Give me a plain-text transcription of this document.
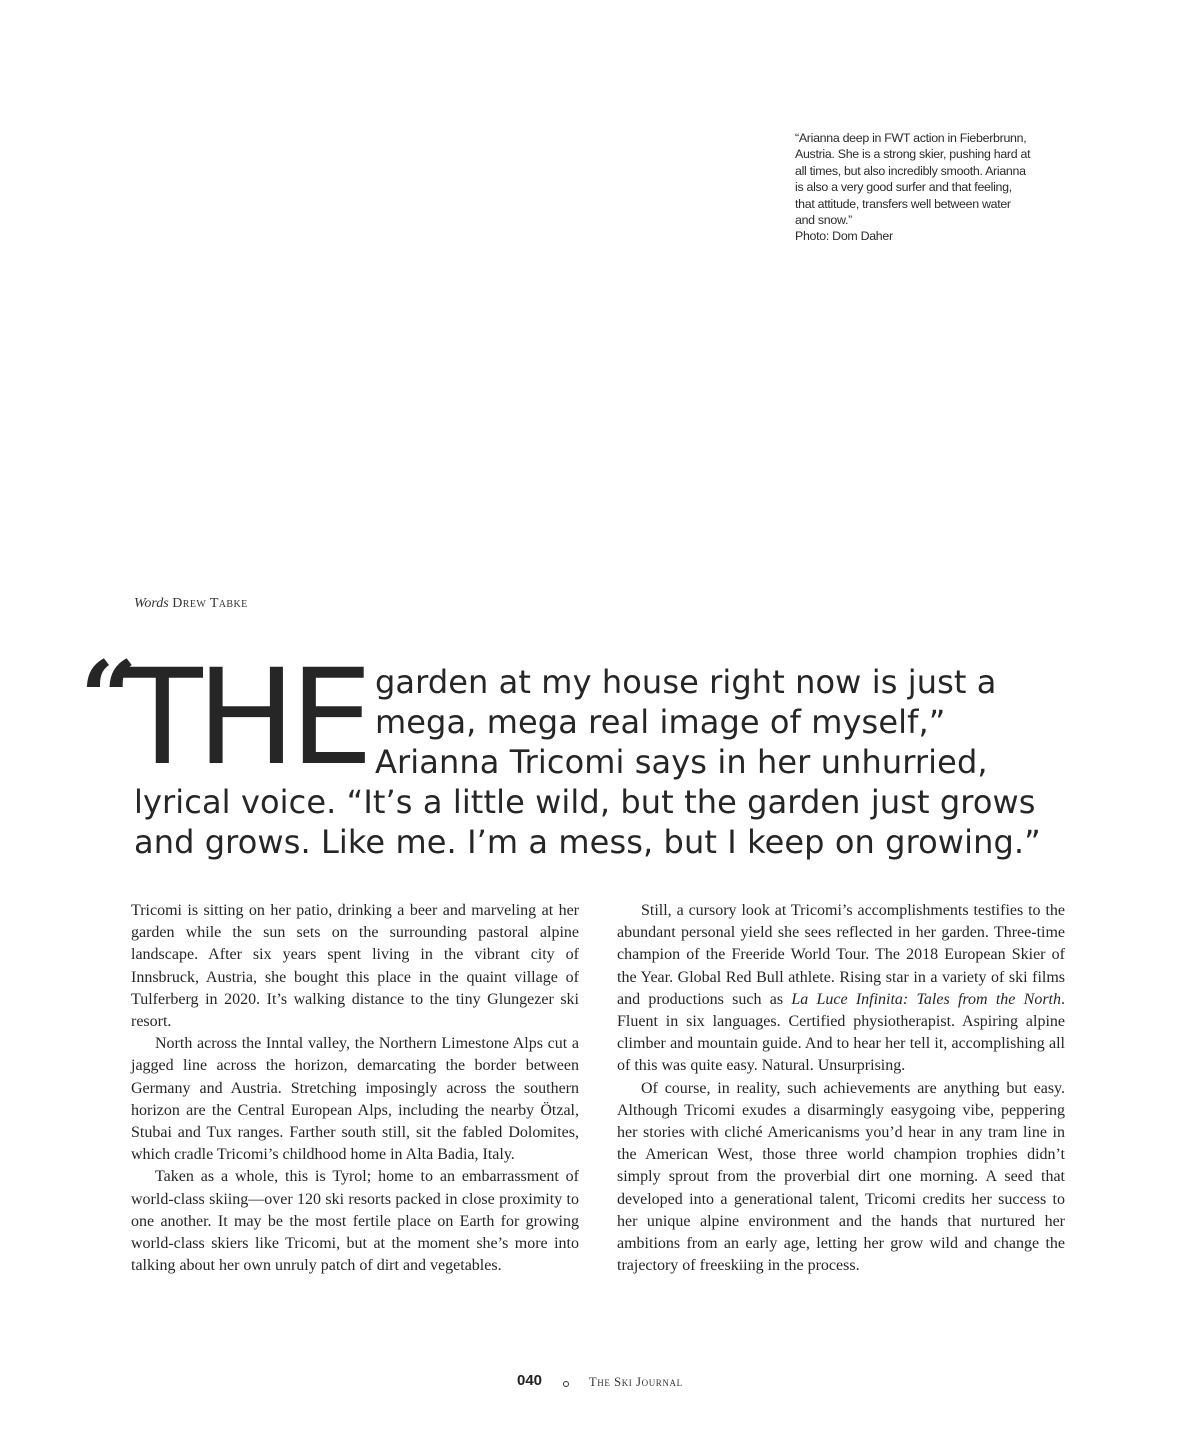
“Arianna deep in FWT action in Fieberbrunn,

Austria. She is a strong skier, pushing hard at

all times, but also incredibly smooth. Arianna

is also a very good surfer and that feeling,

that attitude, transfers well between water

and snow.”

Photo: Dom Daher

Words Drew Tabke
“
THE garden at my house right now is just a
mega, mega real image of myself,”
Arianna Tricomi says in her unhurried,
lyrical voice. “It’s a little wild, but the garden just grows
and grows. Like me. I’m a mess, but I keep on growing.”

Tricomi is sitting on her patio, drinking a beer and marveling at her garden while the sun sets on the surrounding pastoral alpine landscape. After six years spent living in the vibrant city of Innsbruck, Austria, she bought this place in the quaint village of Tulferberg in 2020. It’s walking distance to the tiny Glungezer ski resort.

North across the Inntal valley, the Northern Limestone Alps cut a jagged line across the horizon, demarcating the border between Germany and Austria. Stretching imposingly across the southern horizon are the Central European Alps, including the nearby Ötzal, Stubai and Tux ranges. Farther south still, sit the fabled Dolomites, which cradle Tricomi’s childhood home in Alta Badia, Italy.

Taken as a whole, this is Tyrol; home to an embarrassment of world-class skiing—over 120 ski resorts packed in close proximity to one another. It may be the most fertile place on Earth for growing world-class skiers like Tricomi, but at the moment she’s more into talking about her own unruly patch of dirt and vegetables.

Still, a cursory look at Tricomi’s accomplishments testifies to the abundant personal yield she sees reflected in her garden. Three-time champion of the Freeride World Tour. The 2018 European Skier of the Year. Global Red Bull athlete. Rising star in a variety of ski films and productions such as La Luce Infinita: Tales from the North. Fluent in six languages. Certified physiotherapist. Aspiring alpine climber and mountain guide. And to hear her tell it, accomplishing all of this was quite easy. Natural. Unsurprising.

Of course, in reality, such achievements are anything but easy. Although Tricomi exudes a disarmingly easygoing vibe, peppering her stories with cliché Americanisms you’d hear in any tram line in the American West, those three world champion trophies didn’t simply sprout from the proverbial dirt one morning. A seed that developed into a generational talent, Tricomi credits her success to her unique alpine environment and the hands that nurtured her ambitions from an early age, letting her grow wild and change the trajectory of freeskiing in the process.

040	The Ski Journal
